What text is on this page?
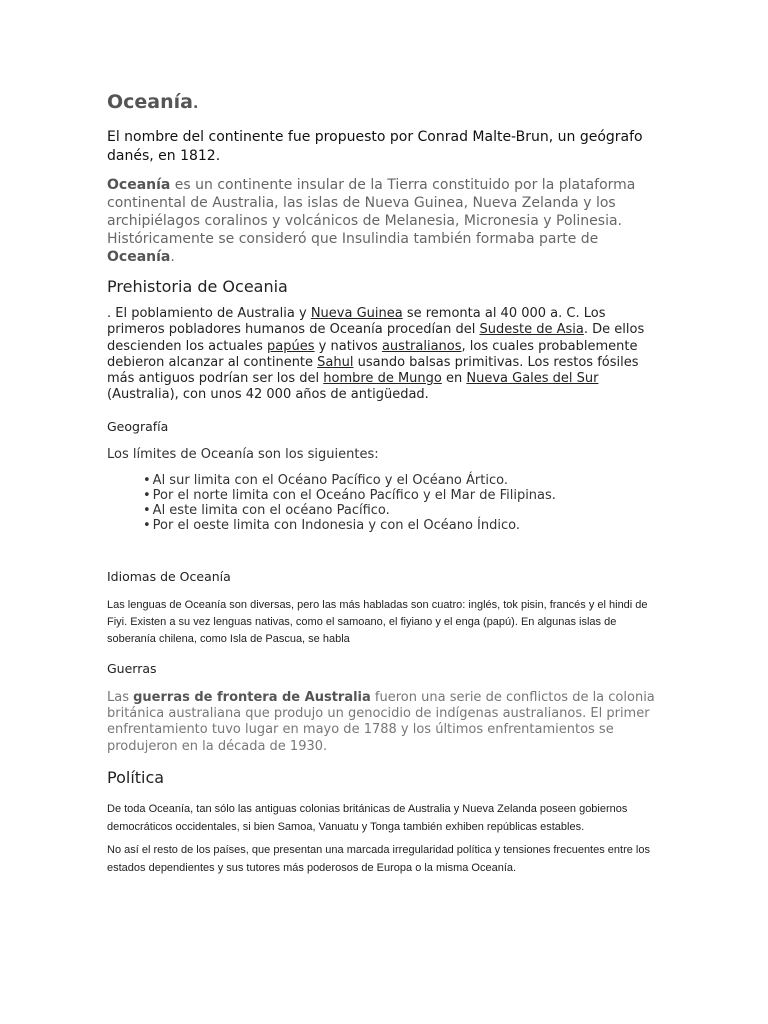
Oceanía.

El nombre del continente fue propuesto por Conrad Malte-Brun, un geógrafo danés, en 1812.

Oceanía es un continente insular de la Tierra constituido por la plataforma continental de Australia, las islas de Nueva Guinea, Nueva Zelanda y los archipiélagos coralinos y volcánicos de Melanesia, Micronesia y Polinesia. Históricamente se consideró que Insulindia también formaba parte de Oceanía.

Prehistoria de Oceania

. El poblamiento de Australia y Nueva Guinea se remonta al 40 000 a. C. Los primeros pobladores humanos de Oceanía procedían del Sudeste de Asia. De ellos descienden los actuales papúes y nativos australianos, los cuales probablemente debieron alcanzar al continente Sahul usando balsas primitivas. Los restos fósiles más antiguos podrían ser los del hombre de Mungo en Nueva Gales del Sur (Australia), con unos 42 000 años de antigüedad.

Geografía

Los límites de Oceanía son los siguientes:

• Al sur limita con el Océano Pacífico y el Océano Ártico.
• Por el norte limita con el Oceáno Pacífico y el Mar de Filipinas.
• Al este limita con el océano Pacífico.
• Por el oeste limita con Indonesia y con el Océano Índico.
Idiomas de Oceanía

Las lenguas de Oceanía son diversas, pero las más habladas son cuatro: inglés, tok pisin, francés y el hindi de Fiyi. Existen a su vez lenguas nativas, como el samoano, el fiyiano y el enga (papú). En algunas islas de soberanía chilena, como Isla de Pascua, se habla

Guerras

Las guerras de frontera de Australia fueron una serie de conflictos de la colonia británica australiana que produjo un genocidio de indígenas australianos. El primer enfrentamiento tuvo lugar en mayo de 1788 y los últimos enfrentamientos se produjeron en la década de 1930.

Política

De toda Oceanía, tan sólo las antiguas colonias británicas de Australia y Nueva Zelanda poseen gobiernos democráticos occidentales, si bien Samoa, Vanuatu y Tonga también exhiben repúblicas estables.

No así el resto de los países, que presentan una marcada irregularidad política y tensiones frecuentes entre los estados dependientes y sus tutores más poderosos de Europa o la misma Oceanía.
